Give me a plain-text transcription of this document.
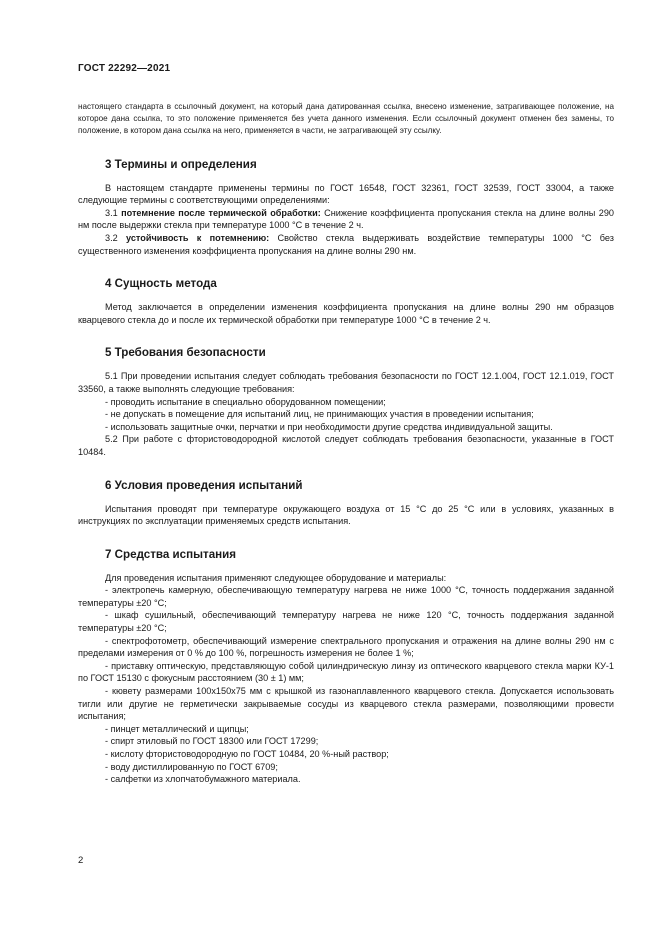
ГОСТ 22292—2021

настоящего стандарта в ссылочный документ, на который дана датированная ссылка, внесено изменение, затрагивающее положение, на которое дана ссылка, то это положение применяется без учета данного изменения. Если ссылочный документ отменен без замены, то положение, в котором дана ссылка на него, применяется в части, не затрагивающей эту ссылку.

3 Термины и определения

В настоящем стандарте применены термины по ГОСТ 16548, ГОСТ 32361, ГОСТ 32539, ГОСТ 33004, а также следующие термины с соответствующими определениями:

3.1 потемнение после термической обработки: Снижение коэффициента пропускания стекла на длине волны 290 нм после выдержки стекла при температуре 1000 °С в течение 2 ч.

3.2 устойчивость к потемнению: Свойство стекла выдерживать воздействие температуры 1000 °С без существенного изменения коэффициента пропускания на длине волны 290 нм.

4 Сущность метода

Метод заключается в определении изменения коэффициента пропускания на длине волны 290 нм образцов кварцевого стекла до и после их термической обработки при температуре 1000 °С в течение 2 ч.

5 Требования безопасности

5.1 При проведении испытания следует соблюдать требования безопасности по ГОСТ 12.1.004, ГОСТ 12.1.019, ГОСТ 33560, а также выполнять следующие требования:

- проводить испытание в специально оборудованном помещении;

- не допускать в помещение для испытаний лиц, не принимающих участия в проведении испытания;

- использовать защитные очки, перчатки и при необходимости другие средства индивидуальной защиты.

5.2 При работе с фтористоводородной кислотой следует соблюдать требования безопасности, указанные в ГОСТ 10484.

6 Условия проведения испытаний

Испытания проводят при температуре окружающего воздуха от 15 °С до 25 °С или в условиях, указанных в инструкциях по эксплуатации применяемых средств испытания.

7 Средства испытания

Для проведения испытания применяют следующее оборудование и материалы:

- электропечь камерную, обеспечивающую температуру нагрева не ниже 1000 °С, точность поддержания заданной температуры ±20 °С;

- шкаф сушильный, обеспечивающий температуру нагрева не ниже 120 °С, точность поддержания заданной температуры ±20 °С;

- спектрофотометр, обеспечивающий измерение спектрального пропускания и отражения на длине волны 290 нм с пределами измерения от 0 % до 100 %, погрешность измерения не более 1 %;

- приставку оптическую, представляющую собой цилиндрическую линзу из оптического кварцевого стекла марки КУ-1 по ГОСТ 15130 с фокусным расстоянием (30 ± 1) мм;

- кювету размерами 100х150х75 мм с крышкой из газонаплавленного кварцевого стекла. Допускается использовать тигли или другие не герметически закрываемые сосуды из кварцевого стекла размерами, позволяющими провести испытания;

- пинцет металлический и щипцы;

- спирт этиловый по ГОСТ 18300 или ГОСТ 17299;

- кислоту фтористоводородную по ГОСТ 10484, 20 %-ный раствор;

- воду дистиллированную по ГОСТ 6709;

- салфетки из хлопчатобумажного материала.

2
